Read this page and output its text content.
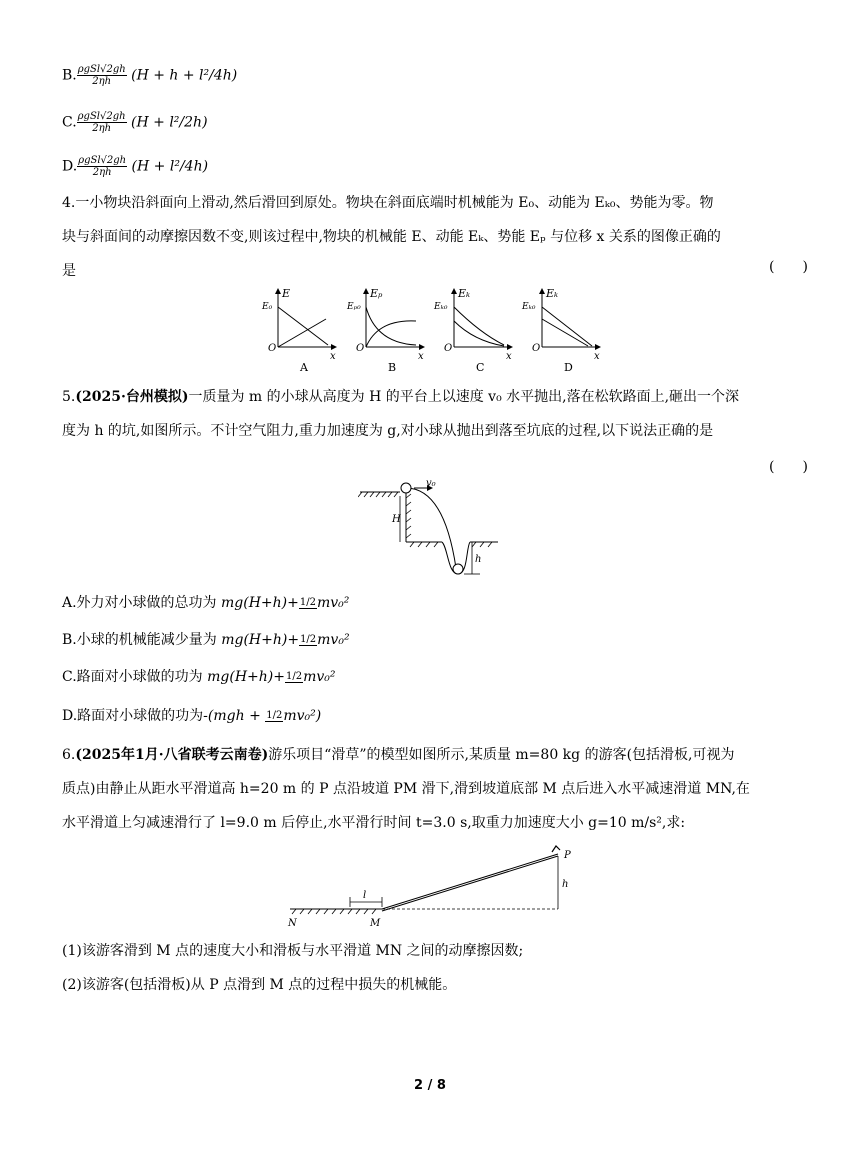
B. $\frac{\text{ρgSl√2gh}}{2\eta h} (H + h + l^2/4h)$
C. $\frac{\text{ρgSl√2gh}}{2\eta h} (H + l^2/2h)$
D. $\frac{\text{ρgSl√2gh}}{2\eta h} (H + l^2/4h)$
4.一小物块沿斜面向上滑动,然后滑回到原处。物块在斜面底端时机械能为 E₀、动能为 Eₖ₀、势能为零。物
块与斜面间的动摩擦因数不变,则该过程中,物块的机械能 E、动能 Eₖ、势能 Eₚ 与位移 x 关系的图像正确的
是	(　　)
E
E₀
O
x
A
Eₚ
Eₚ₀
O
x
B
Eₖ
Eₖ₀
O
x
C
Eₖ
Eₖ₀
O
x
D
5.(2025·台州模拟)一质量为 m 的小球从高度为 H 的平台上以速度 v₀ 水平抛出,落在松软路面上,砸出一个深
度为 h 的坑,如图所示。不计空气阻力,重力加速度为 g,对小球从抛出到落至坑底的过程,以下说法正确的是
(　　)
v₀
H
h
A.外力对小球做的总功为 mg(H+h)+ 1/2 mv₀²
B.小球的机械能减少量为 mg(H+h)+ 1/2 mv₀²
C.路面对小球做的功为 mg(H+h)+ 1/2 mv₀²
D.路面对小球做的功为-(mgh + 1/2 mv₀²)
6.(2025年1月·八省联考云南卷)游乐项目“滑草”的模型如图所示,某质量 m=80 kg 的游客(包括滑板,可视为
质点)由静止从距水平滑道高 h=20 m 的 P 点沿坡道 PM 滑下,滑到坡道底部 M 点后进入水平减速滑道 MN,在
水平滑道上匀减速滑行了 l=9.0 m 后停止,水平滑行时间 t=3.0 s,取重力加速度大小 g=10 m/s²,求:
h
P
l
N	M
(1)该游客滑到 M 点的速度大小和滑板与水平滑道 MN 之间的动摩擦因数;
(2)该游客(包括滑板)从 P 点滑到 M 点的过程中损失的机械能。
2 / 8
